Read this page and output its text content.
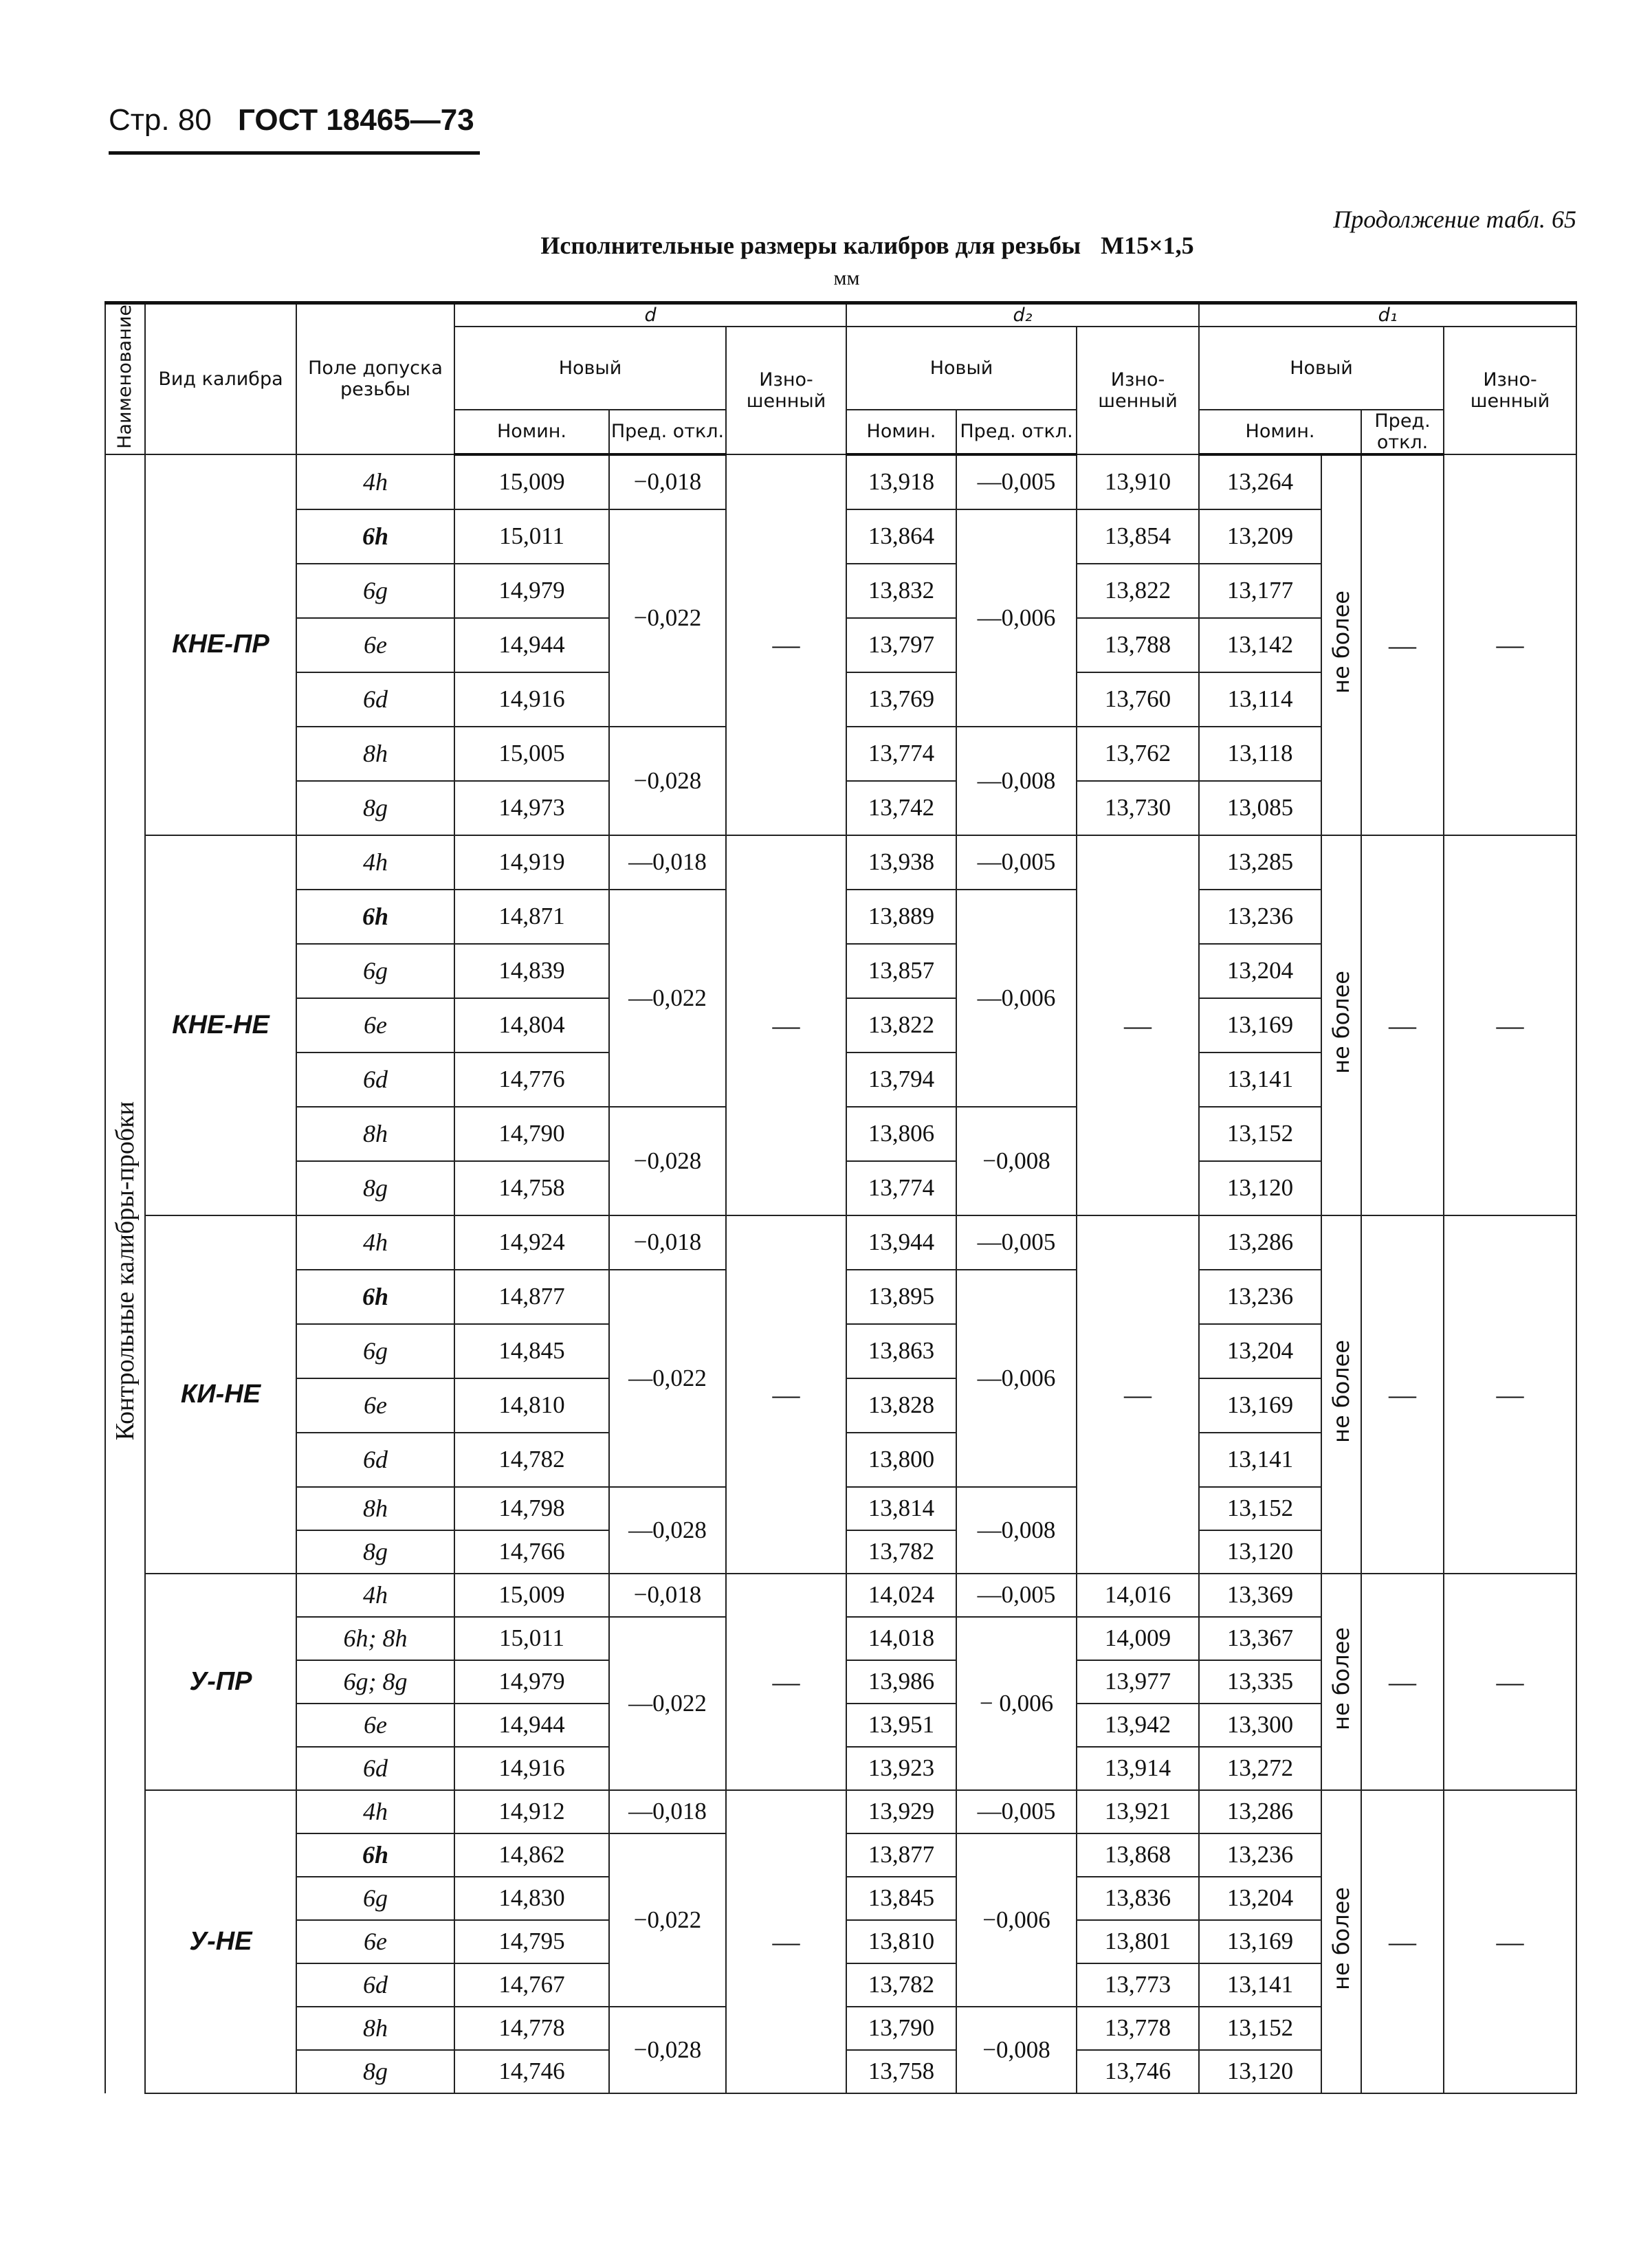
Стр. 80 ГОСТ 18465—73
Продолжение табл. 65
Исполнительные размеры калибров для резьбы M15×1,5
мм
Наименование	Вид калибра	Поле допуска резьбы	d			d₂			d₁			
			Новый		Изно- шенный	Новый		Изно- шенный	Новый			Изно- шенный
			Номин.	Пред. откл.		Номин.	Пред. откл.		Номин.		Пред. откл.	
Контрольные калибры-пробки	КНЕ-ПР	4h	15,009	−0,018	—	13,918	—0,005	13,910	13,264	не более	—	—
		6h	15,011	−0,022		13,864	—0,006	13,854	13,209			
		6g	14,979			13,832		13,822	13,177			
		6e	14,944			13,797		13,788	13,142			
		6d	14,916			13,769		13,760	13,114			
		8h	15,005	−0,028		13,774	—0,008	13,762	13,118			
		8g	14,973			13,742		13,730	13,085			
	КНЕ-НЕ	4h	14,919	—0,018	—	13,938	—0,005	—	13,285	не более	—	—
		6h	14,871	—0,022		13,889	—0,006		13,236			
		6g	14,839			13,857			13,204			
		6e	14,804			13,822			13,169			
		6d	14,776			13,794			13,141			
		8h	14,790	−0,028		13,806	−0,008		13,152			
		8g	14,758			13,774			13,120			
	КИ-НЕ	4h	14,924	−0,018	—	13,944	—0,005	—	13,286	не более	—	—
		6h	14,877	—0,022		13,895	—0,006		13,236			
		6g	14,845			13,863			13,204			
		6e	14,810			13,828			13,169			
		6d	14,782			13,800			13,141			
		8h	14,798	—0,028		13,814	—0,008		13,152			
		8g	14,766			13,782			13,120			
	У-ПР	4h	15,009	−0,018	—	14,024	—0,005	14,016	13,369	не более	—	—
		6h; 8h	15,011	—0,022		14,018	− 0,006	14,009	13,367			
		6g; 8g	14,979			13,986		13,977	13,335			
		6e	14,944			13,951		13,942	13,300			
		6d	14,916			13,923		13,914	13,272			
	У-НЕ	4h	14,912	—0,018	—	13,929	—0,005	13,921	13,286	не более	—	—
		6h	14,862	−0,022		13,877	−0,006	13,868	13,236			
		6g	14,830			13,845		13,836	13,204			
		6e	14,795			13,810		13,801	13,169			
		6d	14,767			13,782		13,773	13,141			
		8h	14,778	−0,028		13,790	−0,008	13,778	13,152			
		8g	14,746			13,758		13,746	13,120			
